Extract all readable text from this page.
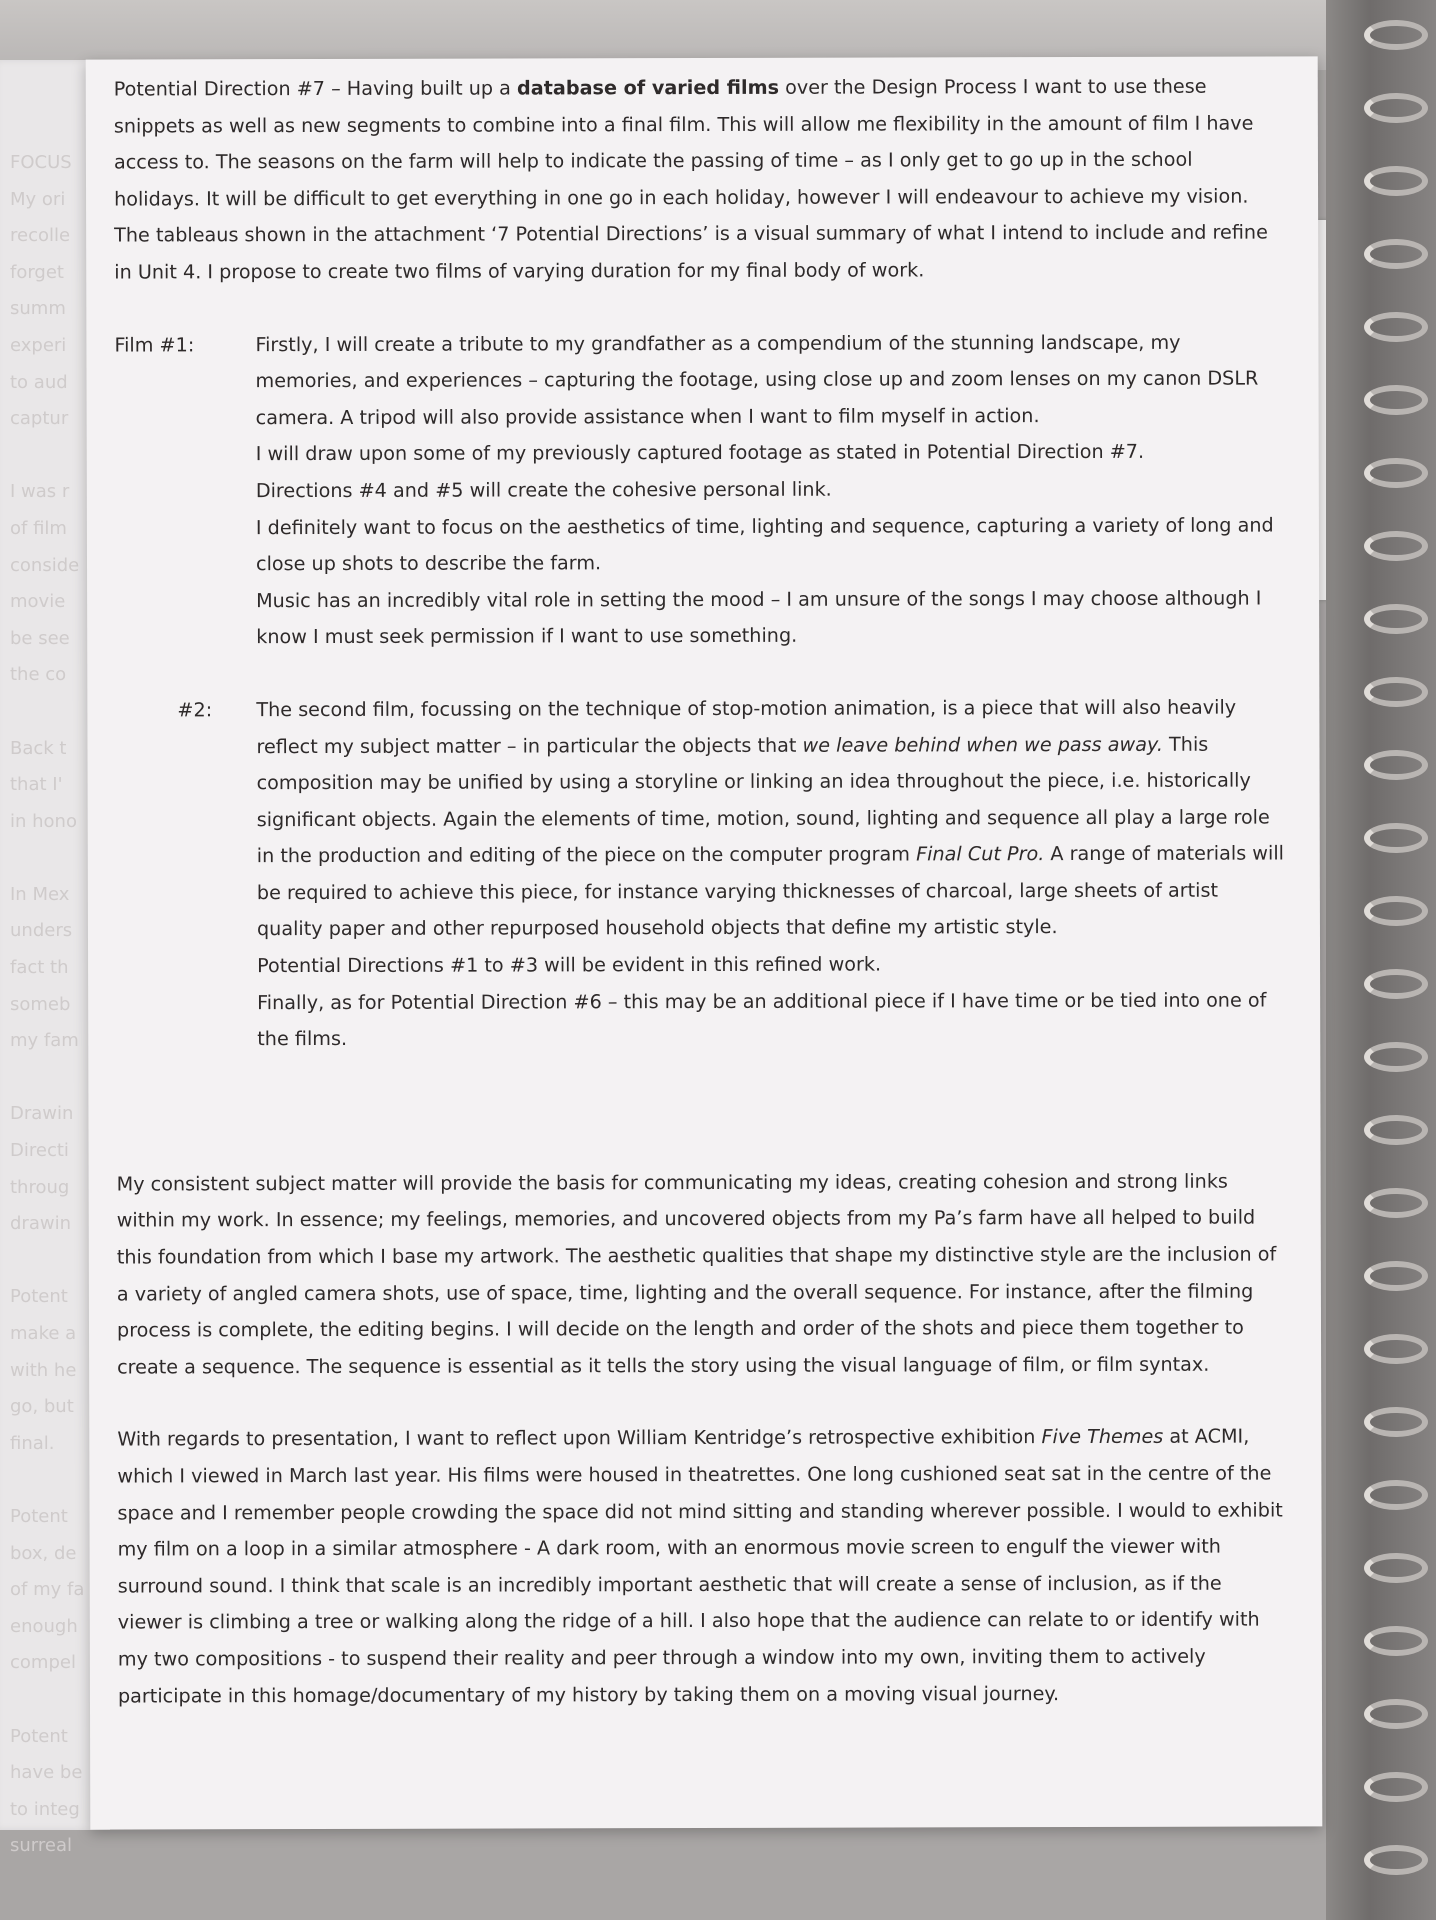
FOCUS
My ori
recolle
forget
summ
experi
to aud
captur

I was r
of film
conside
movie
be see
the co

Back t
that I'
in hono

In Mex
unders
fact th
someb
my fam

Drawin
Directi
throug
drawin

Potent
make a
with he
go, but
final.

Potent
box, de
of my fa
enough
compel

Potent
have be
to integ
surreal

Potential Direction #7 – Having built up a database of varied films over the Design Process I want to use these snippets as well as new segments to combine into a final film. This will allow me flexibility in the amount of film I have access to. The seasons on the farm will help to indicate the passing of time – as I only get to go up in the school holidays. It will be difficult to get everything in one go in each holiday, however I will endeavour to achieve my vision. The tableaus shown in the attachment ‘7 Potential Directions’ is a visual summary of what I intend to include and refine in Unit 4. I propose to create two films of varying duration for my final body of work.

Film #1:	Firstly, I will create a tribute to my grandfather as a compendium of the stunning landscape, my memories, and experiences – capturing the footage, using close up and zoom lenses on my canon DSLR camera. A tripod will also provide assistance when I want to film myself in action.

I will draw upon some of my previously captured footage as stated in Potential Direction #7.

Directions #4 and #5 will create the cohesive personal link.

I definitely want to focus on the aesthetics of time, lighting and sequence, capturing a variety of long and close up shots to describe the farm.

Music has an incredibly vital role in setting the mood – I am unsure of the songs I may choose although I know I must seek permission if I want to use something.

#2:	The second film, focussing on the technique of stop-motion animation, is a piece that will also heavily reflect my subject matter – in particular the objects that we leave behind when we pass away. This composition may be unified by using a storyline or linking an idea throughout the piece, i.e. historically significant objects. Again the elements of time, motion, sound, lighting and sequence all play a large role in the production and editing of the piece on the computer program Final Cut Pro. A range of materials will be required to achieve this piece, for instance varying thicknesses of charcoal, large sheets of artist quality paper and other repurposed household objects that define my artistic style.

Potential Directions #1 to #3 will be evident in this refined work.

Finally, as for Potential Direction #6 – this may be an additional piece if I have time or be tied into one of the films.

My consistent subject matter will provide the basis for communicating my ideas, creating cohesion and strong links within my work. In essence; my feelings, memories, and uncovered objects from my Pa’s farm have all helped to build this foundation from which I base my artwork. The aesthetic qualities that shape my distinctive style are the inclusion of a variety of angled camera shots, use of space, time, lighting and the overall sequence. For instance, after the filming process is complete, the editing begins. I will decide on the length and order of the shots and piece them together to create a sequence. The sequence is essential as it tells the story using the visual language of film, or film syntax.

With regards to presentation, I want to reflect upon William Kentridge’s retrospective exhibition Five Themes at ACMI, which I viewed in March last year. His films were housed in theatrettes. One long cushioned seat sat in the centre of the space and I remember people crowding the space did not mind sitting and standing wherever possible. I would to exhibit my film on a loop in a similar atmosphere - A dark room, with an enormous movie screen to engulf the viewer with surround sound. I think that scale is an incredibly important aesthetic that will create a sense of inclusion, as if the viewer is climbing a tree or walking along the ridge of a hill. I also hope that the audience can relate to or identify with my two compositions - to suspend their reality and peer through a window into my own, inviting them to actively participate in this homage/documentary of my history by taking them on a moving visual journey.
